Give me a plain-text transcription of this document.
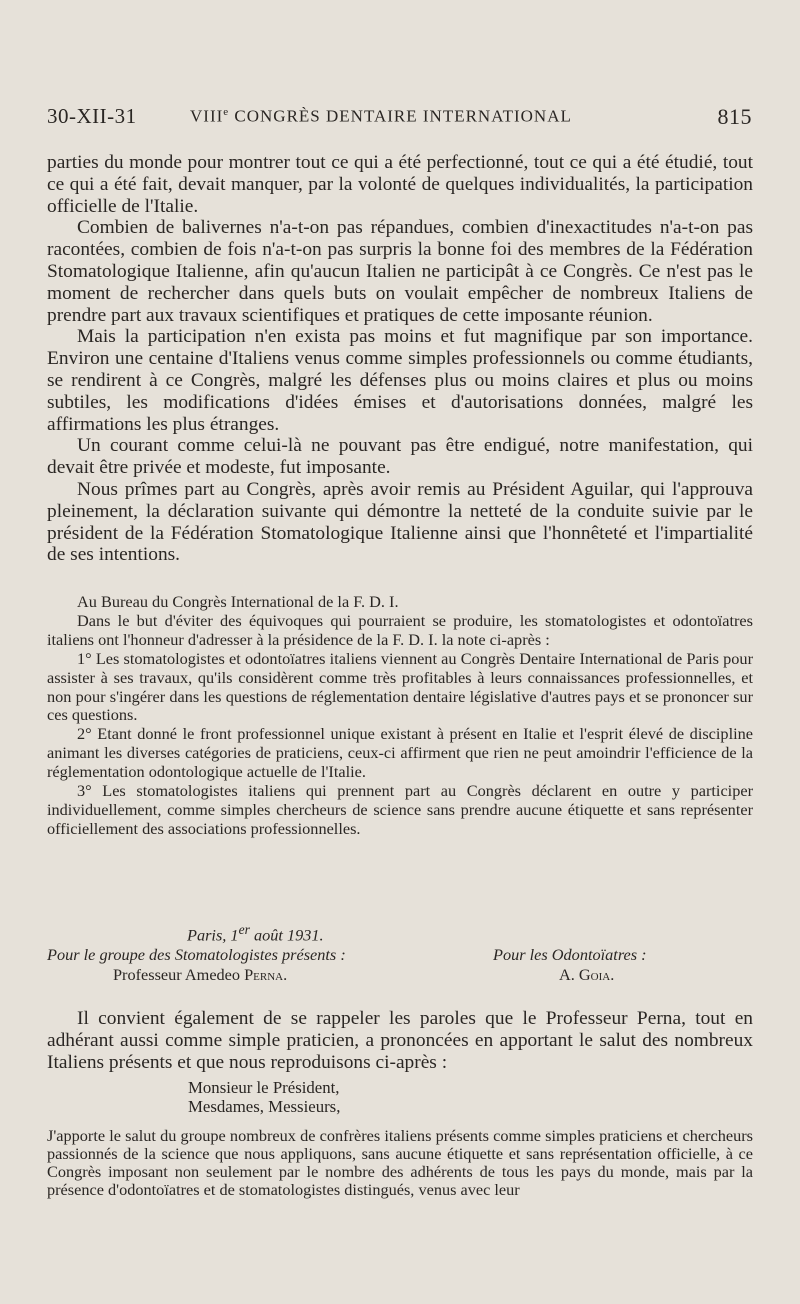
30-XII-31	VIIIe CONGRÈS DENTAIRE INTERNATIONAL	815

parties du monde pour montrer tout ce qui a été perfectionné, tout ce qui a été étudié, tout ce qui a été fait, devait manquer, par la volonté de quelques individualités, la participation officielle de l'Italie.

Combien de balivernes n'a-t-on pas répandues, combien d'inexactitudes n'a-t-on pas racontées, combien de fois n'a-t-on pas surpris la bonne foi des membres de la Fédération Stomatologique Italienne, afin qu'aucun Italien ne participât à ce Congrès. Ce n'est pas le moment de rechercher dans quels buts on voulait empêcher de nombreux Italiens de prendre part aux travaux scientifiques et pratiques de cette imposante réunion.

Mais la participation n'en exista pas moins et fut magnifique par son importance. Environ une centaine d'Italiens venus comme simples professionnels ou comme étudiants, se rendirent à ce Congrès, malgré les défenses plus ou moins claires et plus ou moins subtiles, les modifications d'idées émises et d'autorisations données, malgré les affirmations les plus étranges.

Un courant comme celui-là ne pouvant pas être endigué, notre manifestation, qui devait être privée et modeste, fut imposante.

Nous prîmes part au Congrès, après avoir remis au Président Aguilar, qui l'approuva pleinement, la déclaration suivante qui démontre la netteté de la conduite suivie par le président de la Fédération Stomatologique Italienne ainsi que l'honnêteté et l'impartialité de ses intentions.

Au Bureau du Congrès International de la F. D. I.

Dans le but d'éviter des équivoques qui pourraient se produire, les stomatologistes et odontoïatres italiens ont l'honneur d'adresser à la présidence de la F. D. I. la note ci-après :

1° Les stomatologistes et odontoïatres italiens viennent au Congrès Dentaire International de Paris pour assister à ses travaux, qu'ils considèrent comme très profitables à leurs connaissances professionnelles, et non pour s'ingérer dans les questions de réglementation dentaire législative d'autres pays et se prononcer sur ces questions.

2° Etant donné le front professionnel unique existant à présent en Italie et l'esprit élevé de discipline animant les diverses catégories de praticiens, ceux-ci affirment que rien ne peut amoindrir l'efficience de la réglementation odontologique actuelle de l'Italie.

3° Les stomatologistes italiens qui prennent part au Congrès déclarent en outre y participer individuellement, comme simples chercheurs de science sans prendre aucune étiquette et sans représenter officiellement des associations professionnelles.

Paris, 1er août 1931.
Pour le groupe des Stomatologistes présents :
Professeur Amedeo Perna.
Pour les Odontoïatres :
A. Goia.

Il convient également de se rappeler les paroles que le Professeur Perna, tout en adhérant aussi comme simple praticien, a prononcées en apportant le salut des nombreux Italiens présents et que nous reproduisons ci-après :

Monsieur le Président,
Mesdames, Messieurs,

J'apporte le salut du groupe nombreux de confrères italiens présents comme simples praticiens et chercheurs passionnés de la science que nous appliquons, sans aucune étiquette et sans représentation officielle, à ce Congrès imposant non seulement par le nombre des adhérents de tous les pays du monde, mais par la présence d'odontoïatres et de stomatologistes distingués, venus avec leur
